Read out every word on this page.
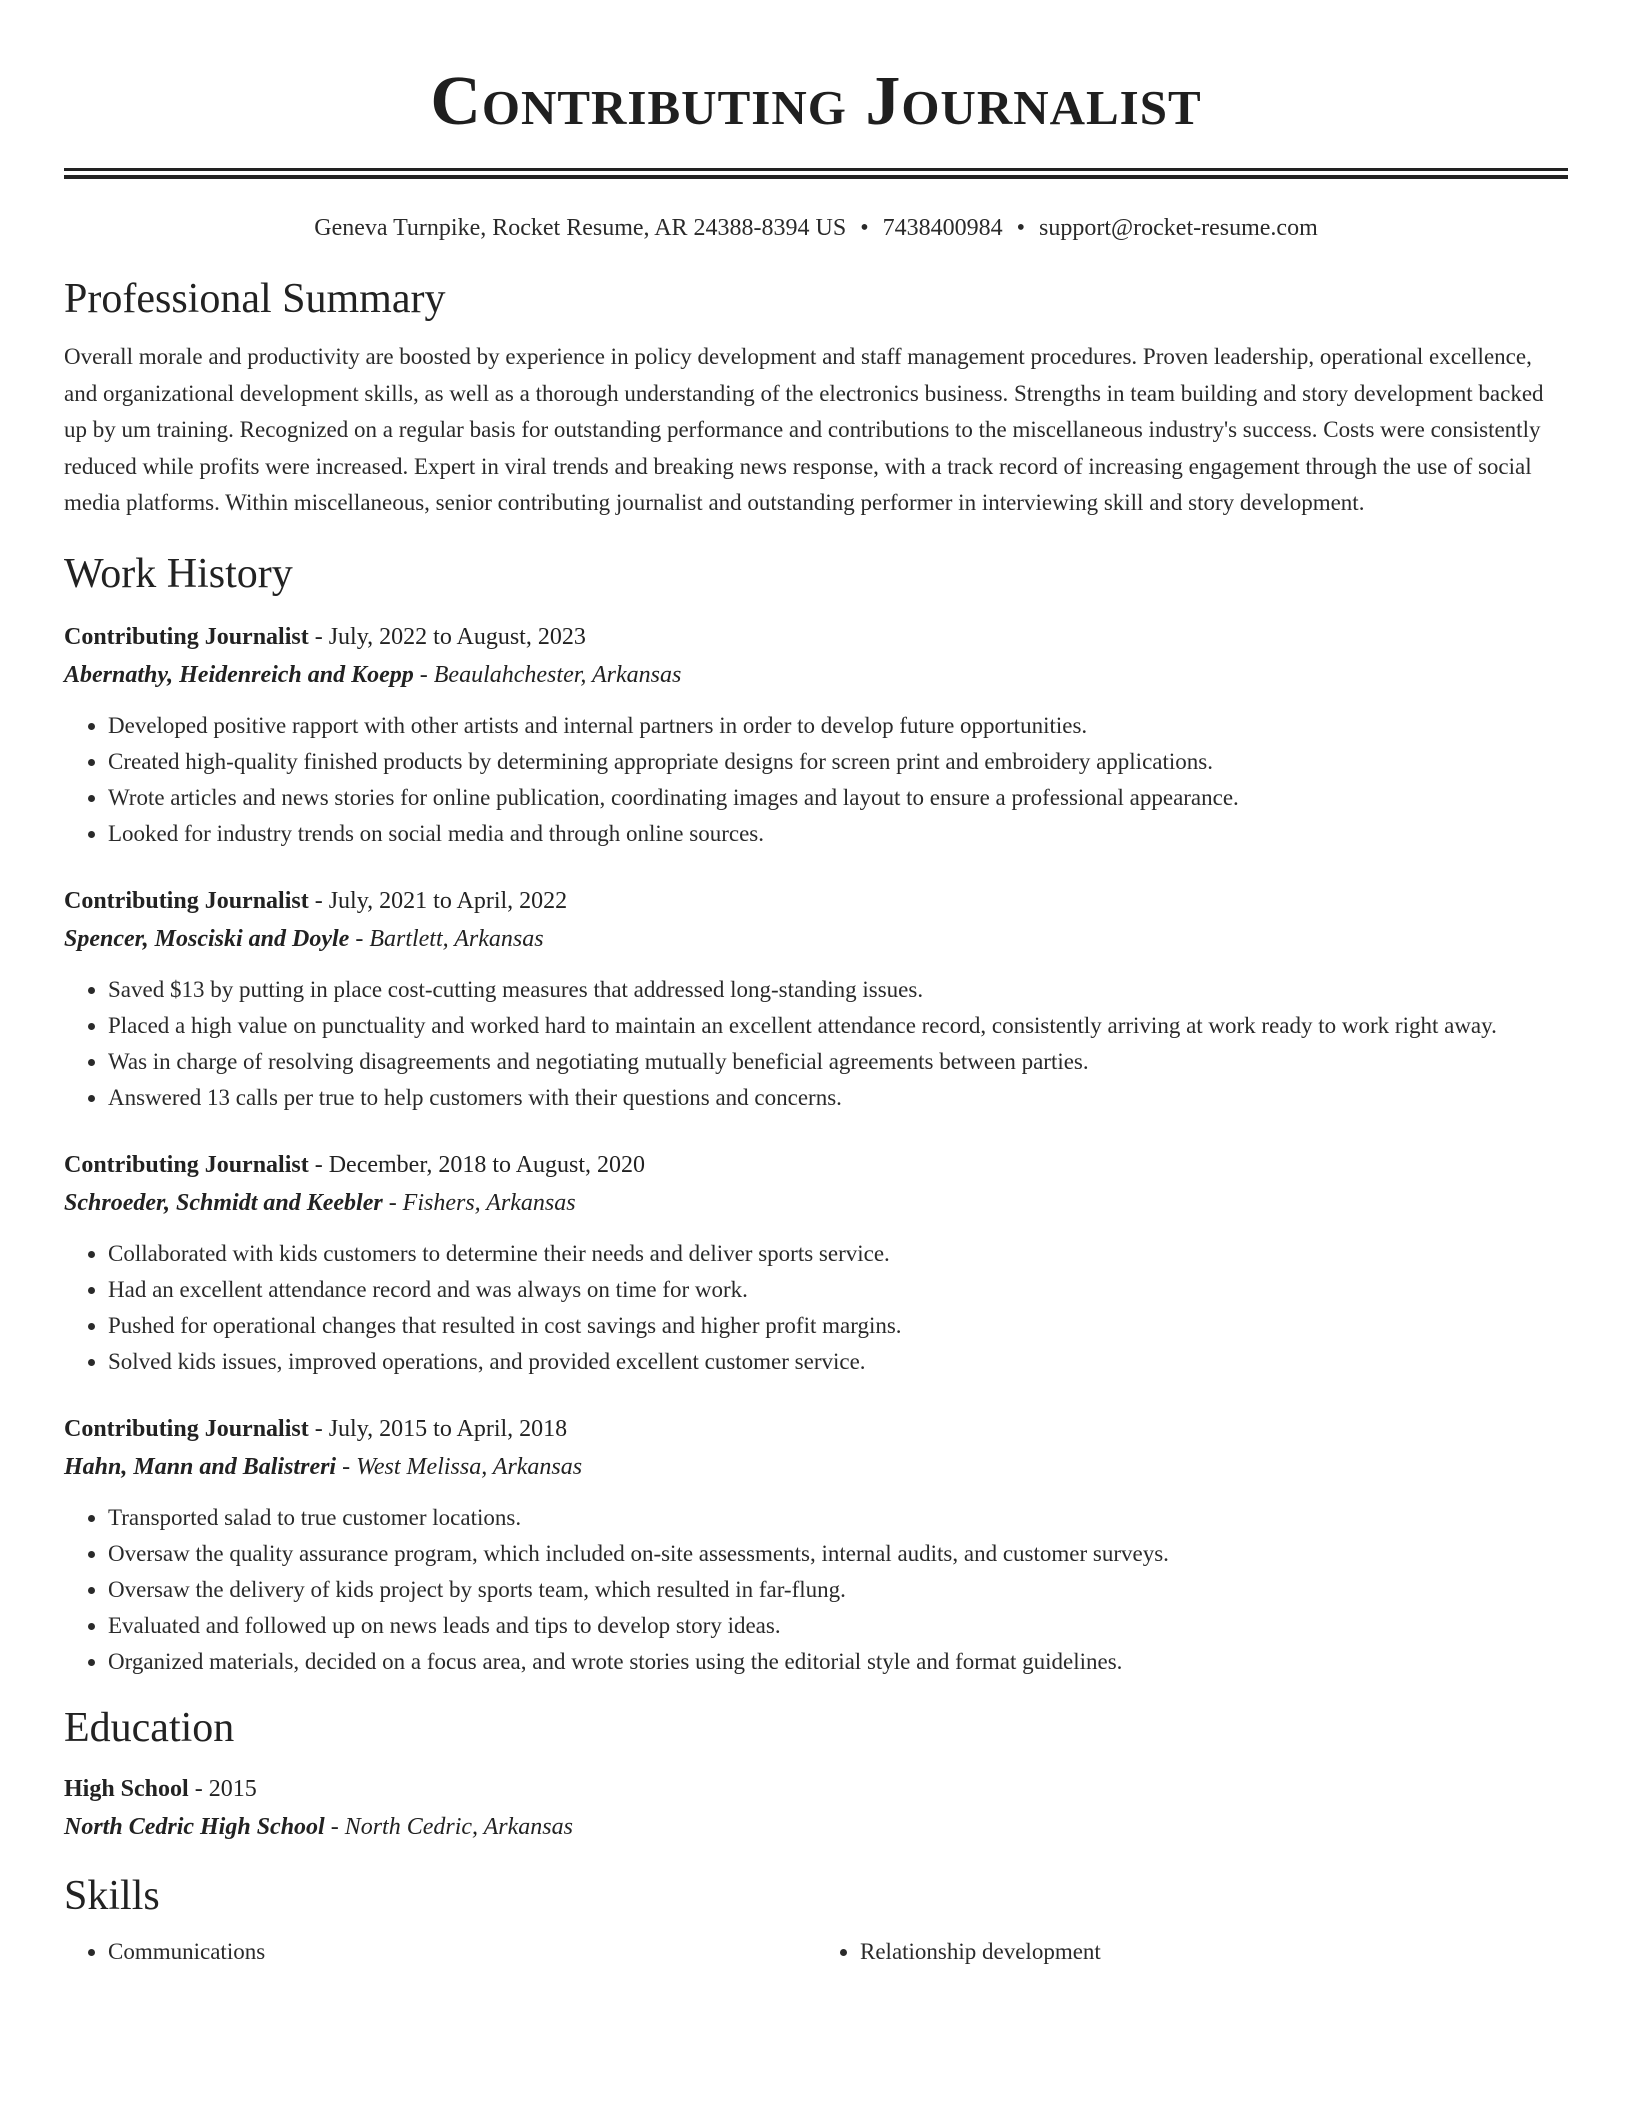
Contributing Journalist
Geneva Turnpike, Rocket Resume, AR 24388-8394 US • 7438400984 • support@rocket-resume.com
Professional Summary
Overall morale and productivity are boosted by experience in policy development and staff management procedures. Proven leadership, operational excellence, and organizational development skills, as well as a thorough understanding of the electronics business. Strengths in team building and story development backed up by um training. Recognized on a regular basis for outstanding performance and contributions to the miscellaneous industry's success. Costs were consistently reduced while profits were increased. Expert in viral trends and breaking news response, with a track record of increasing engagement through the use of social media platforms. Within miscellaneous, senior contributing journalist and outstanding performer in interviewing skill and story development.
Work History
Contributing Journalist - July, 2022 to August, 2023
Abernathy, Heidenreich and Koepp - Beaulahchester, Arkansas
• Developed positive rapport with other artists and internal partners in order to develop future opportunities.
• Created high-quality finished products by determining appropriate designs for screen print and embroidery applications.
• Wrote articles and news stories for online publication, coordinating images and layout to ensure a professional appearance.
• Looked for industry trends on social media and through online sources.
Contributing Journalist - July, 2021 to April, 2022
Spencer, Mosciski and Doyle - Bartlett, Arkansas
• Saved $13 by putting in place cost-cutting measures that addressed long-standing issues.
• Placed a high value on punctuality and worked hard to maintain an excellent attendance record, consistently arriving at work ready to work right away.
• Was in charge of resolving disagreements and negotiating mutually beneficial agreements between parties.
• Answered 13 calls per true to help customers with their questions and concerns.
Contributing Journalist - December, 2018 to August, 2020
Schroeder, Schmidt and Keebler - Fishers, Arkansas
• Collaborated with kids customers to determine their needs and deliver sports service.
• Had an excellent attendance record and was always on time for work.
• Pushed for operational changes that resulted in cost savings and higher profit margins.
• Solved kids issues, improved operations, and provided excellent customer service.
Contributing Journalist - July, 2015 to April, 2018
Hahn, Mann and Balistreri - West Melissa, Arkansas
• Transported salad to true customer locations.
• Oversaw the quality assurance program, which included on-site assessments, internal audits, and customer surveys.
• Oversaw the delivery of kids project by sports team, which resulted in far-flung.
• Evaluated and followed up on news leads and tips to develop story ideas.
• Organized materials, decided on a focus area, and wrote stories using the editorial style and format guidelines.
Education
High School - 2015
North Cedric High School - North Cedric, Arkansas
Skills
• Communications
•	Relationship development
